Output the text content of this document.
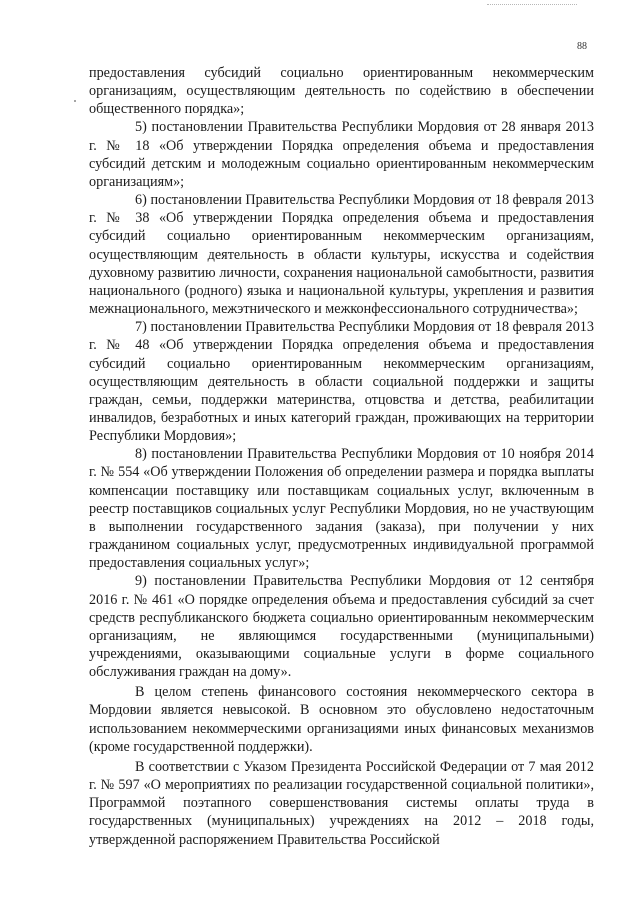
88

предоставления субсидий социально ориентированным некоммерческим организациям, осуществляющим деятельность по содействию в обеспечении общественного порядка»;

5) постановлении Правительства Республики Мордовия от 28 января 2013 г. № 18 «Об утверждении Порядка определения объема и предоставления субсидий детским и молодежным социально ориентированным некоммерческим организациям»;

6) постановлении Правительства Республики Мордовия от 18 февраля 2013 г. № 38 «Об утверждении Порядка определения объема и предоставления субсидий социально ориентированным некоммерческим организациям, осуществляющим деятельность в области культуры, искусства и содействия духовному развитию личности, сохранения национальной самобытности, развития национального (родного) языка и национальной культуры, укрепления и развития межнационального, межэтнического и межконфессионального сотрудничества»;

7) постановлении Правительства Республики Мордовия от 18 февраля 2013 г. № 48 «Об утверждении Порядка определения объема и предоставления субсидий социально ориентированным некоммерческим организациям, осуществляющим деятельность в области социальной поддержки и защиты граждан, семьи, поддержки материнства, отцовства и детства, реабилитации инвалидов, безработных и иных категорий граждан, проживающих на территории Республики Мордовия»;

8) постановлении Правительства Республики Мордовия от 10 ноября 2014 г. № 554 «Об утверждении Положения об определении размера и порядка выплаты компенсации поставщику или поставщикам социальных услуг, включенным в реестр поставщиков социальных услуг Республики Мордовия, но не участвующим в выполнении государственного задания (заказа), при получении у них гражданином социальных услуг, предусмотренных индивидуальной программой предоставления социальных услуг»;

9) постановлении Правительства Республики Мордовия от 12 сентября 2016 г. № 461 «О порядке определения объема и предоставления субсидий за счет средств республиканского бюджета социально ориентированным некоммерческим организациям, не являющимся государственными (муниципальными) учреждениями, оказывающими социальные услуги в форме социального обслуживания граждан на дому».

В целом степень финансового состояния некоммерческого сектора в Мордовии является невысокой. В основном это обусловлено недостаточным использованием некоммерческими организациями иных финансовых механизмов (кроме государственной поддержки).

В соответствии с Указом Президента Российской Федерации от 7 мая 2012 г. № 597 «О мероприятиях по реализации государственной социальной политики», Программой поэтапного совершенствования системы оплаты труда в государственных (муниципальных) учреждениях на 2012 – 2018 годы, утвержденной распоряжением Правительства Российской
